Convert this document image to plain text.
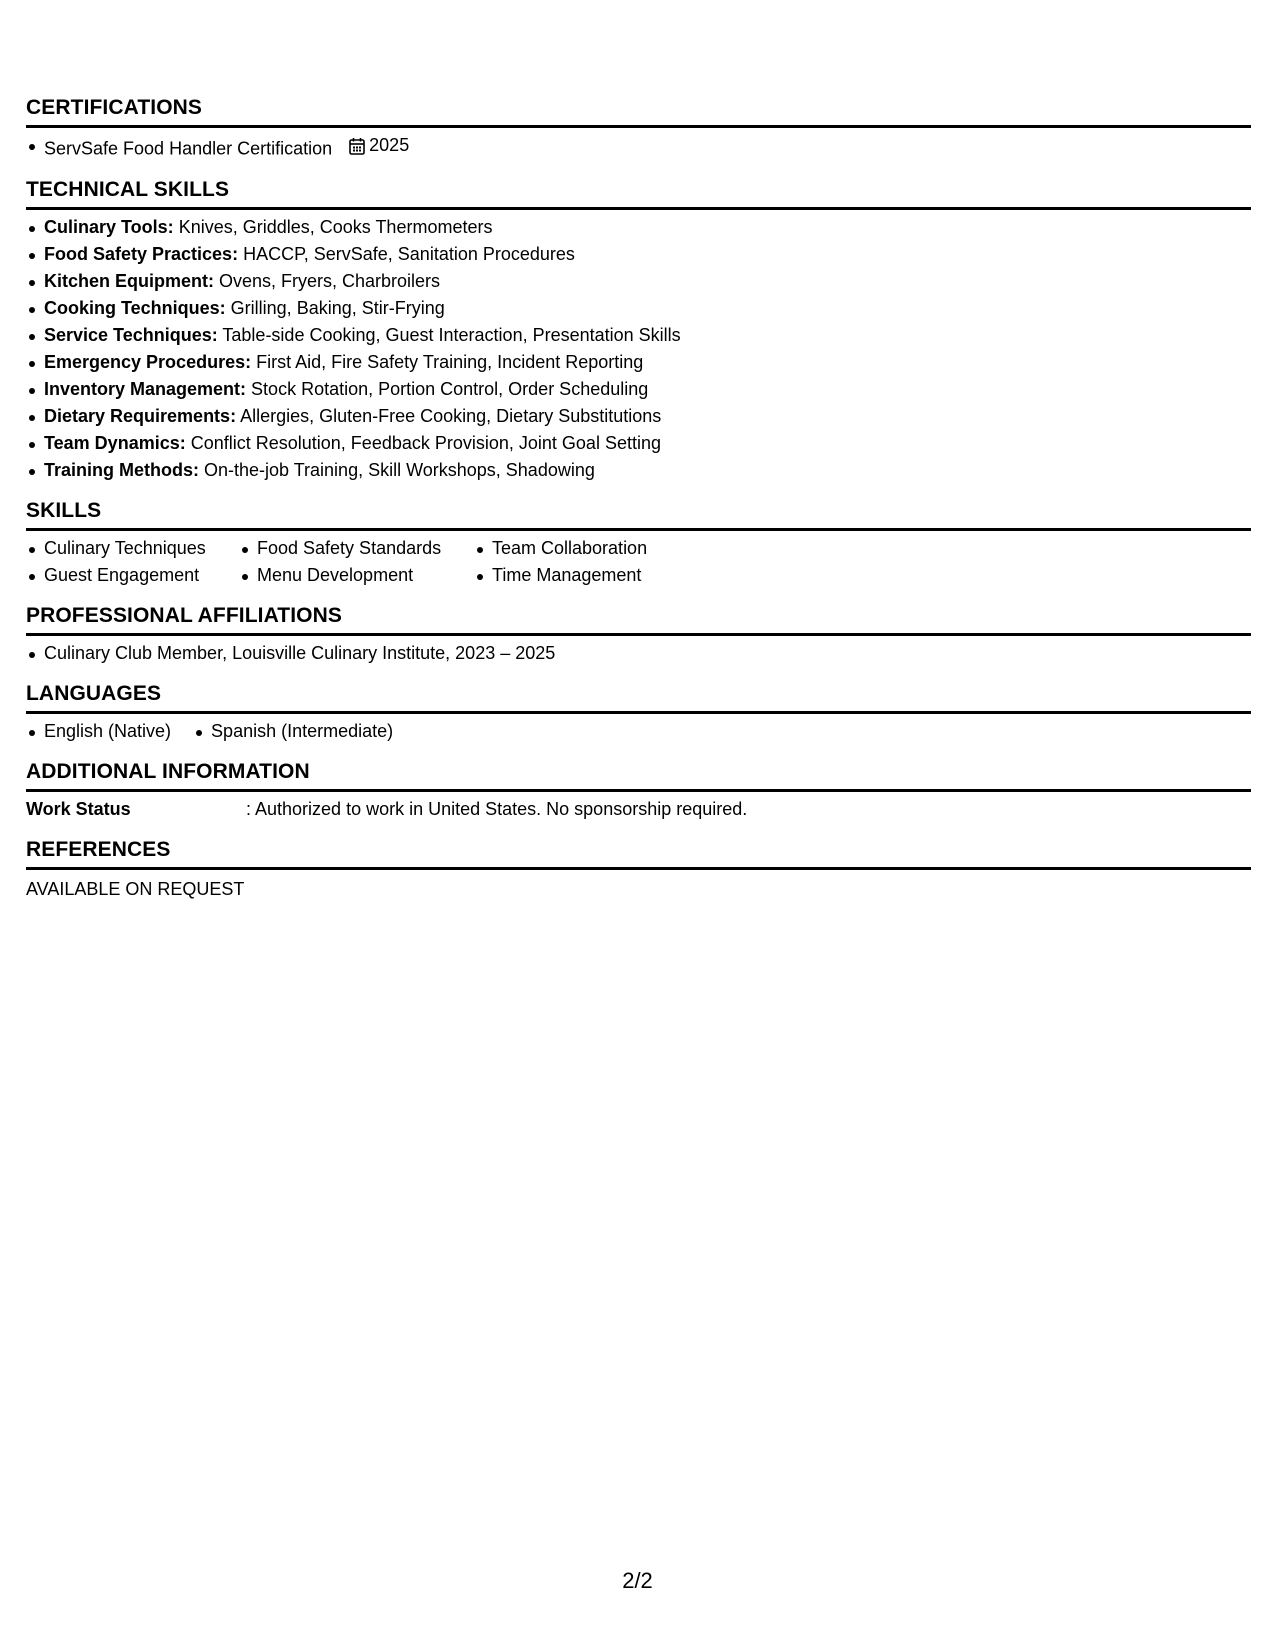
CERTIFICATIONS
ServSafe Food Handler Certification 2025
TECHNICAL SKILLS
Culinary Tools: Knives, Griddles, Cooks Thermometers
Food Safety Practices: HACCP, ServSafe, Sanitation Procedures
Kitchen Equipment: Ovens, Fryers, Charbroilers
Cooking Techniques: Grilling, Baking, Stir-Frying
Service Techniques: Table-side Cooking, Guest Interaction, Presentation Skills
Emergency Procedures: First Aid, Fire Safety Training, Incident Reporting
Inventory Management: Stock Rotation, Portion Control, Order Scheduling
Dietary Requirements: Allergies, Gluten-Free Cooking, Dietary Substitutions
Team Dynamics: Conflict Resolution, Feedback Provision, Joint Goal Setting
Training Methods: On-the-job Training, Skill Workshops, Shadowing
SKILLS
Culinary Techniques	Food Safety Standards	Team Collaboration
Guest Engagement	Menu Development	Time Management
PROFESSIONAL AFFILIATIONS
Culinary Club Member, Louisville Culinary Institute, 2023 – 2025
LANGUAGES
English (Native)	Spanish (Intermediate)
ADDITIONAL INFORMATION
Work Status	: Authorized to work in United States. No sponsorship required.
REFERENCES
AVAILABLE ON REQUEST
2/2
